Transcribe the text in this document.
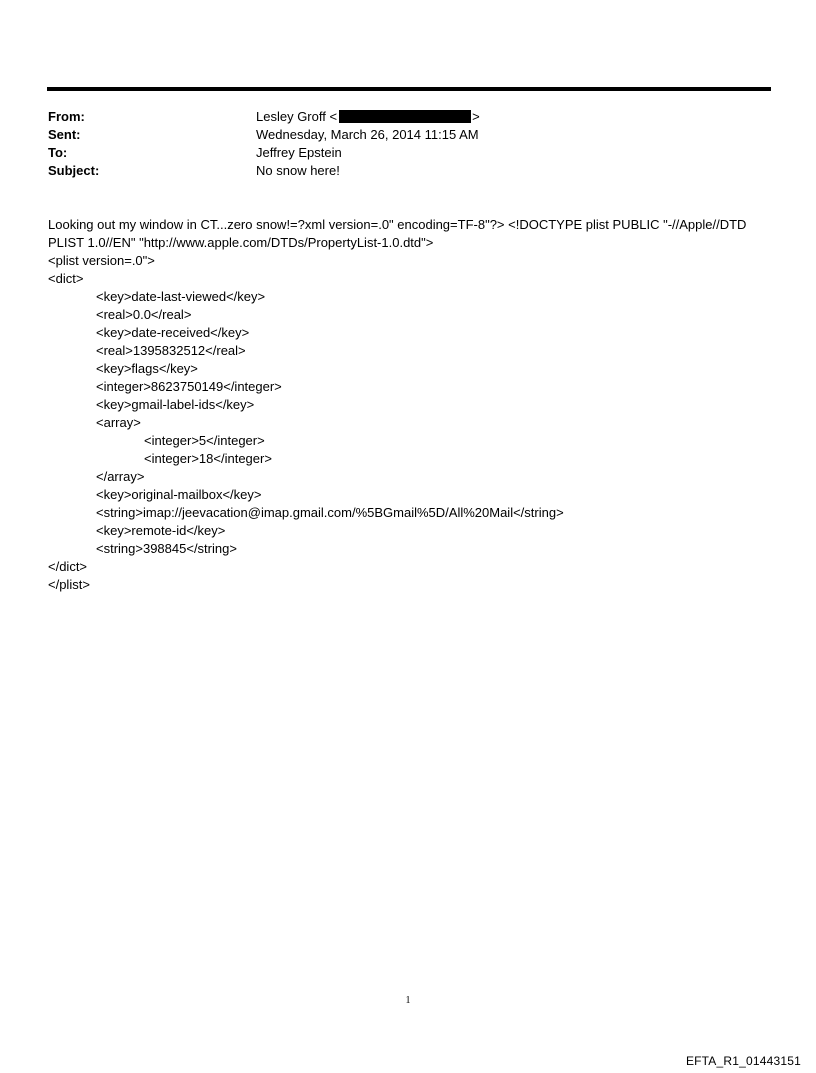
From:	Lesley Groff <	>
Sent:	Wednesday, March 26, 2014 11:15 AM
To:	Jeffrey Epstein
Subject:	No snow here!
Looking out my window in CT...zero snow!=?xml version=.0" encoding=TF-8"?> <!DOCTYPE plist PUBLIC "-//Apple//DTD PLIST 1.0//EN" "http://www.apple.com/DTDs/PropertyList-1.0.dtd">
<plist version=.0">
<dict>
<key>date-last-viewed</key>
<real>0.0</real>
<key>date-received</key>
<real>1395832512</real>
<key>flags</key>
<integer>8623750149</integer>
<key>gmail-label-ids</key>
<array>
<integer>5</integer>
<integer>18</integer>
</array>
<key>original-mailbox</key>
<string>imap://jeevacation@imap.gmail.com/%5BGmail%5D/All%20Mail</string>
<key>remote-id</key>
<string>398845</string>
</dict>
</plist>
1
EFTA_R1_01443151
